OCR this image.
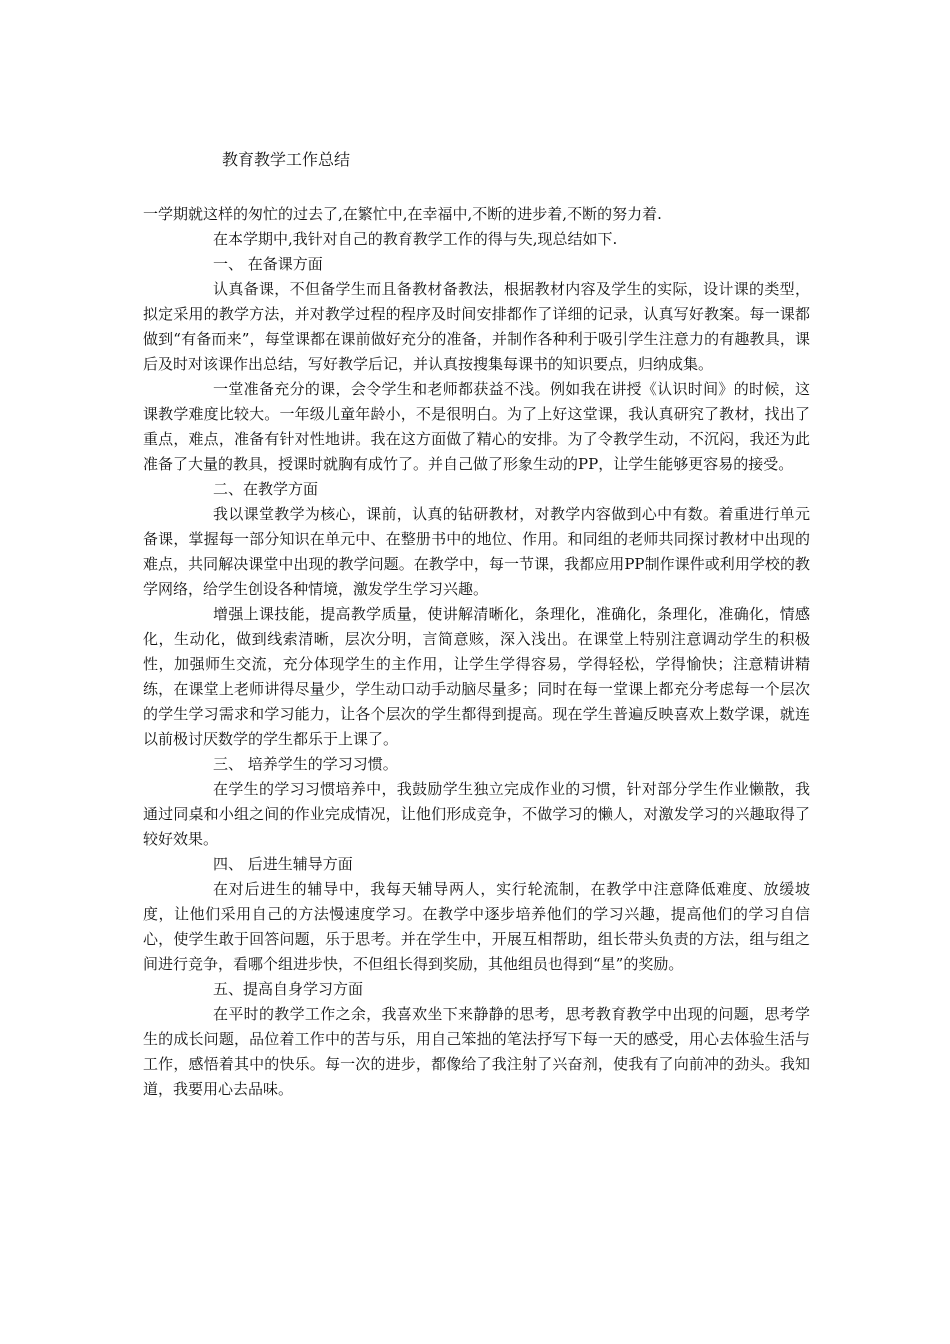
教育教学工作总结

一学期就这样的匆忙的过去了,在繁忙中,在幸福中,不断的进步着,不断的努力着.

在本学期中,我针对自己的教育教学工作的得与失,现总结如下.

一、 在备课方面

认真备课，不但备学生而且备教材备教法，根据教材内容及学生的实际，设计课的类型，拟定采用的教学方法，并对教学过程的程序及时间安排都作了详细的记录，认真写好教案。每一课都做到“有备而来”，每堂课都在课前做好充分的准备，并制作各种利于吸引学生注意力的有趣教具，课后及时对该课作出总结，写好教学后记，并认真按搜集每课书的知识要点，归纳成集。

一堂准备充分的课，会令学生和老师都获益不浅。例如我在讲授《认识时间》的时候，这课教学难度比较大。一年级儿童年龄小，不是很明白。为了上好这堂课，我认真研究了教材，找出了重点，难点，准备有针对性地讲。我在这方面做了精心的安排。为了令教学生动，不沉闷，我还为此准备了大量的教具，授课时就胸有成竹了。并自己做了形象生动的PP，让学生能够更容易的接受。

二、在教学方面

我以课堂教学为核心，课前，认真的钻研教材，对教学内容做到心中有数。着重进行单元备课，掌握每一部分知识在单元中、在整册书中的地位、作用。和同组的老师共同探讨教材中出现的难点，共同解决课堂中出现的教学问题。在教学中，每一节课，我都应用PP制作课件或利用学校的教学网络，给学生创设各种情境，激发学生学习兴趣。

增强上课技能，提高教学质量，使讲解清晰化，条理化，准确化，条理化，准确化，情感化，生动化，做到线索清晰，层次分明，言简意赅，深入浅出。在课堂上特别注意调动学生的积极性，加强师生交流，充分体现学生的主作用，让学生学得容易，学得轻松，学得愉快；注意精讲精练，在课堂上老师讲得尽量少，学生动口动手动脑尽量多；同时在每一堂课上都充分考虑每一个层次的学生学习需求和学习能力，让各个层次的学生都得到提高。现在学生普遍反映喜欢上数学课，就连以前极讨厌数学的学生都乐于上课了。

三、 培养学生的学习习惯。

在学生的学习习惯培养中，我鼓励学生独立完成作业的习惯，针对部分学生作业懒散，我通过同桌和小组之间的作业完成情况，让他们形成竞争，不做学习的懒人，对激发学习的兴趣取得了较好效果。

四、 后进生辅导方面

在对后进生的辅导中，我每天辅导两人，实行轮流制，在教学中注意降低难度、放缓坡度，让他们采用自己的方法慢速度学习。在教学中逐步培养他们的学习兴趣，提高他们的学习自信心，使学生敢于回答问题，乐于思考。并在学生中，开展互相帮助，组长带头负责的方法，组与组之间进行竞争，看哪个组进步快，不但组长得到奖励，其他组员也得到“星”的奖励。

五、提高自身学习方面

在平时的教学工作之余，我喜欢坐下来静静的思考，思考教育教学中出现的问题，思考学生的成长问题，品位着工作中的苦与乐，用自己笨拙的笔法抒写下每一天的感受，用心去体验生活与工作，感悟着其中的快乐。每一次的进步，都像给了我注射了兴奋剂，使我有了向前冲的劲头。我知道，我要用心去品味。
